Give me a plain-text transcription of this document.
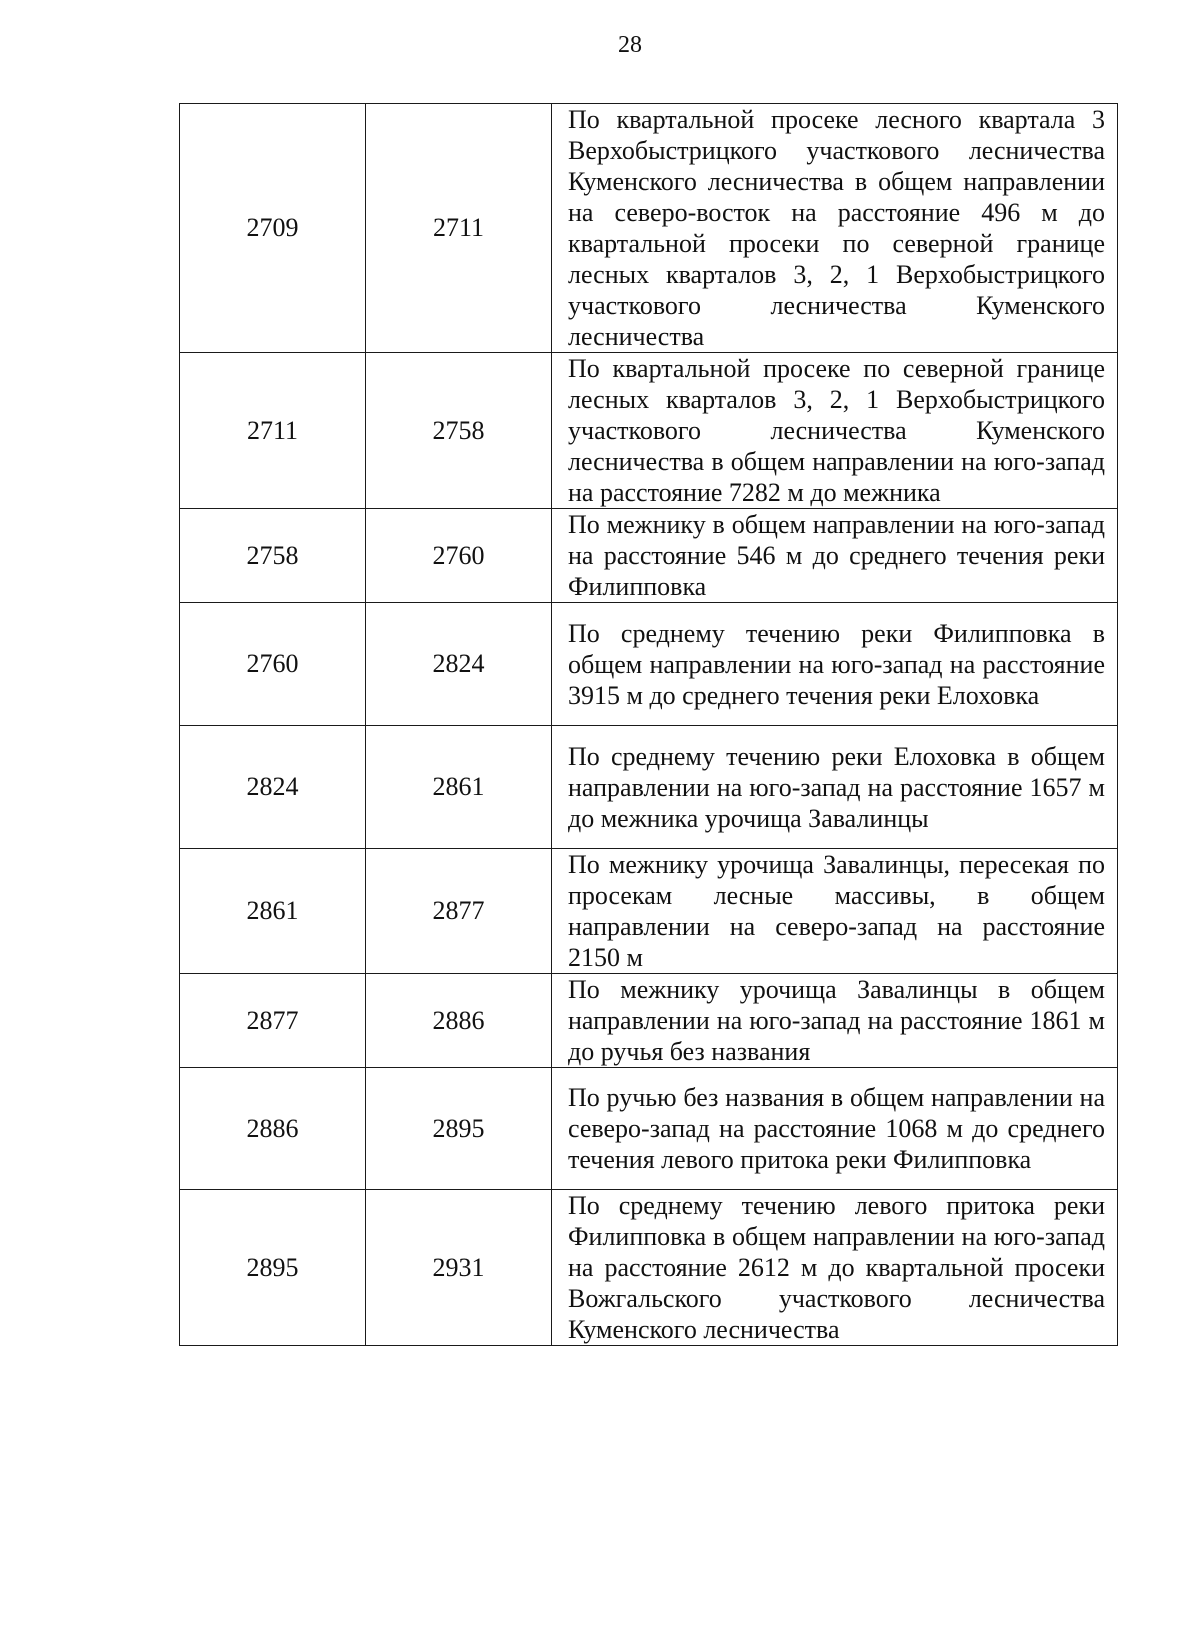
28
2709	2711	По квартальной просеке лесного квартала 3 Верхобыстрицкого участкового лесничества Куменского лесничества в общем направлении на северо-восток на расстояние 496 м до квартальной просеки по северной границе лесных кварталов 3, 2, 1 Верхобыстрицкого участкового лесничества Куменского лесничества

2711	2758	По квартальной просеке по северной границе лесных кварталов 3, 2, 1 Верхобыстрицкого участкового лесничества Куменского лесничества в общем направлении на юго-запад на расстояние 7282 м до межника

2758	2760	По межнику в общем направлении на юго-запад на расстояние 546 м до среднего течения реки Филипповка

2760	2824	По среднему течению реки Филипповка в общем направлении на юго-запад на расстояние 3915 м до среднего течения реки Елоховка

2824	2861	По среднему течению реки Елоховка в общем направлении на юго-запад на расстояние 1657 м до межника урочища Завалинцы

2861	2877	По межнику урочища Завалинцы, пересекая по просекам лесные массивы, в общем направлении на северо-запад на расстояние 2150 м

2877	2886	По межнику урочища Завалинцы в общем направлении на юго-запад на расстояние 1861 м до ручья без названия

2886	2895	По ручью без названия в общем направлении на северо-запад на расстояние 1068 м до среднего течения левого притока реки Филипповка

2895	2931	По среднему течению левого притока реки Филипповка в общем направлении на юго-запад на расстояние 2612 м до квартальной просеки Вожгальского участкового лесничества Куменского лесничества
